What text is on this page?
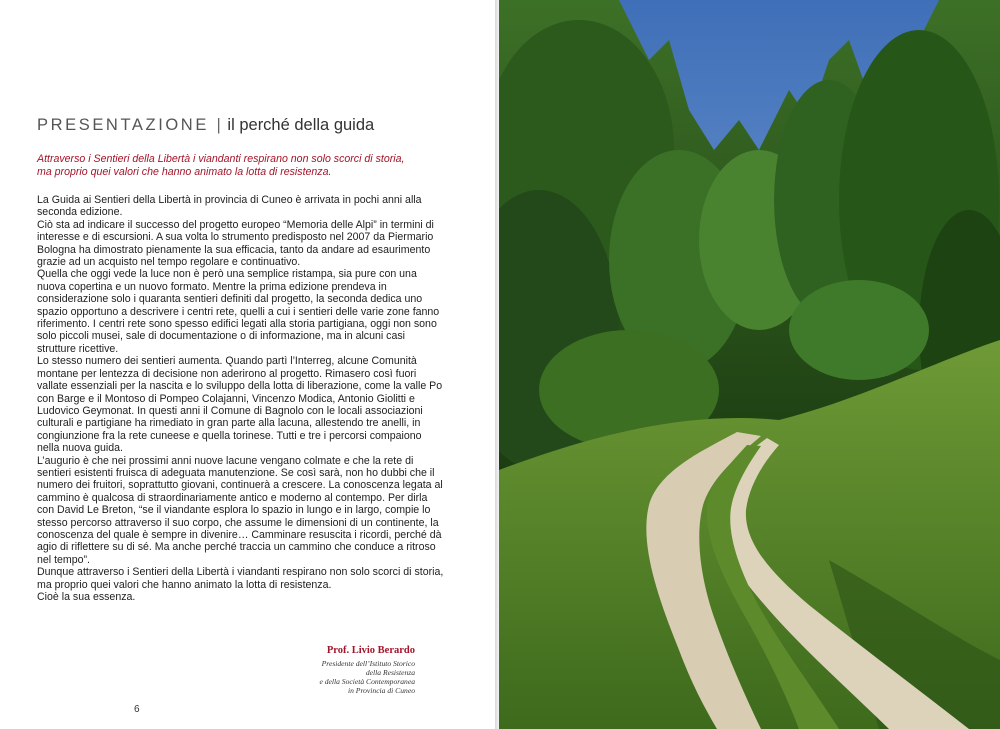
PRESENTAZIONE | il perché della guida

Attraverso i Sentieri della Libertà i viandanti respirano non solo scorci di storia,

ma proprio quei valori che hanno animato la lotta di resistenza.

La Guida ai Sentieri della Libertà in provincia di Cuneo è arrivata in pochi anni alla

seconda edizione.

Ciò sta ad indicare il successo del progetto europeo “Memoria delle Alpi” in termini di

interesse e di escursioni. A sua volta lo strumento predisposto nel 2007 da Piermario

Bologna ha dimostrato pienamente la sua efficacia, tanto da andare ad esaurimento

grazie ad un acquisto nel tempo regolare e continuativo.

Quella che oggi vede la luce non è però una semplice ristampa, sia pure con una

nuova copertina e un nuovo formato. Mentre la prima edizione prendeva in

considerazione solo i quaranta sentieri definiti dal progetto, la seconda dedica uno

spazio opportuno a descrivere i centri rete, quelli a cui i sentieri delle varie zone fanno

riferimento. I centri rete sono spesso edifici legati alla storia partigiana, oggi non sono

solo piccoli musei, sale di documentazione o di informazione, ma in alcuni casi

strutture ricettive.

Lo stesso numero dei sentieri aumenta. Quando partì l’Interreg, alcune Comunità

montane per lentezza di decisione non aderirono al progetto. Rimasero così fuori

vallate essenziali per la nascita e lo sviluppo della lotta di liberazione, come la valle Po

con Barge e il Montoso di Pompeo Colajanni, Vincenzo Modica, Antonio Giolitti e

Ludovico Geymonat. In questi anni il Comune di Bagnolo con le locali associazioni

culturali e partigiane ha rimediato in gran parte alla lacuna, allestendo tre anelli, in

congiunzione fra la rete cuneese e quella torinese. Tutti e tre i percorsi compaiono

nella nuova guida.

L’augurio è che nei prossimi anni nuove lacune vengano colmate e che la rete di

sentieri esistenti fruisca di adeguata manutenzione. Se così sarà, non ho dubbi che il

numero dei fruitori, soprattutto giovani, continuerà a crescere. La conoscenza legata al

cammino è qualcosa di straordinariamente antico e moderno al contempo. Per dirla

con David Le Breton, “se il viandante esplora lo spazio in lungo e in largo, compie lo

stesso percorso attraverso il suo corpo, che assume le dimensioni di un continente, la

conoscenza del quale è sempre in divenire… Camminare resuscita i ricordi, perché dà

agio di riflettere su di sé. Ma anche perché traccia un cammino che conduce a ritroso

nel tempo”.

Dunque attraverso i Sentieri della Libertà i viandanti respirano non solo scorci di storia,

ma proprio quei valori che hanno animato la lotta di resistenza.

Cioè la sua essenza.

Prof. Livio Berardo

Presidente dell’Istituto Storico

della Resistenza

e della Società Contemporanea

in Provincia di Cuneo

6
